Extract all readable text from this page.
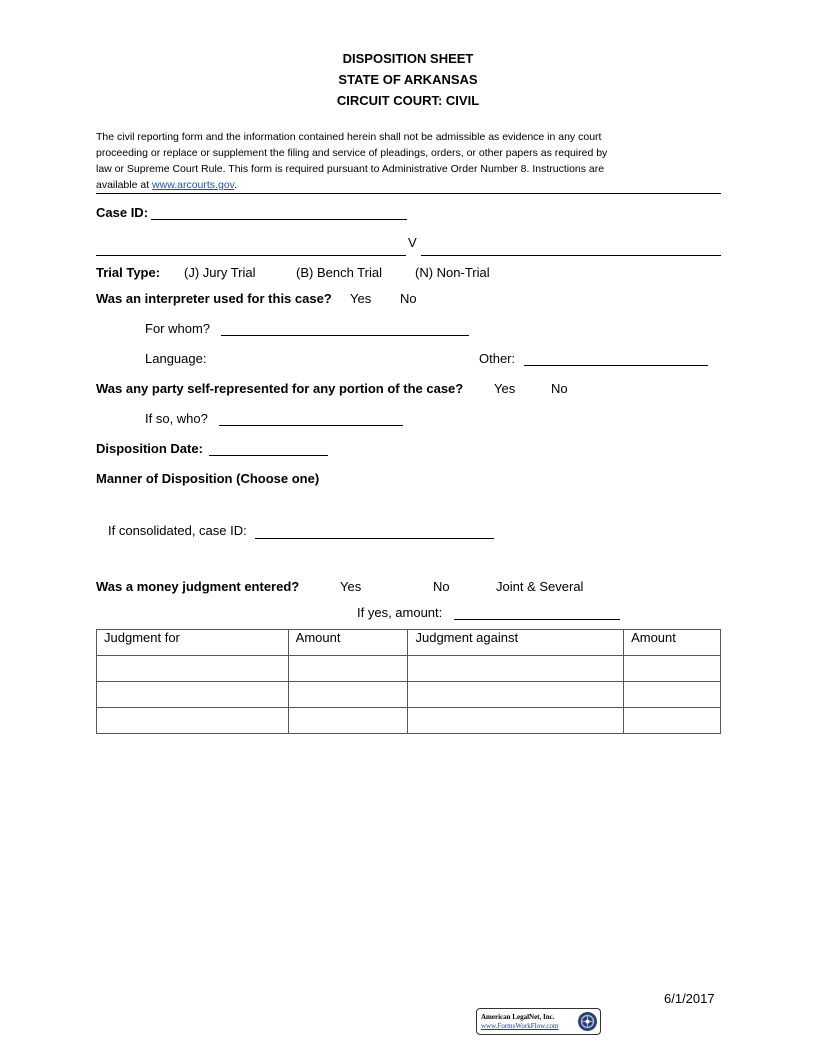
DISPOSITION SHEET
STATE OF ARKANSAS
CIRCUIT COURT: CIVIL
The civil reporting form and the information contained herein shall not be admissible as evidence in any court proceeding or replace or supplement the filing and service of pleadings, orders, or other papers as required by law or Supreme Court Rule. This form is required pursuant to Administrative Order Number 8. Instructions are available at www.arcourts.gov.
Case ID:
V
Trial Type: (J) Jury Trial	(B) Bench Trial	(N) Non-Trial
Was an interpreter used for this case? Yes No
For whom?
Language:	Other:
Was any party self-represented for any portion of the case? Yes	No
If so, who?
Disposition Date:
Manner of Disposition (Choose one)
If consolidated, case ID:
Was a money judgment entered?	Yes	No	Joint & Several
If yes, amount:
Judgment for	Amount	Judgment against	Amount

6/1/2017
American LegalNet, Inc.
www.FormsWorkFlow.com
